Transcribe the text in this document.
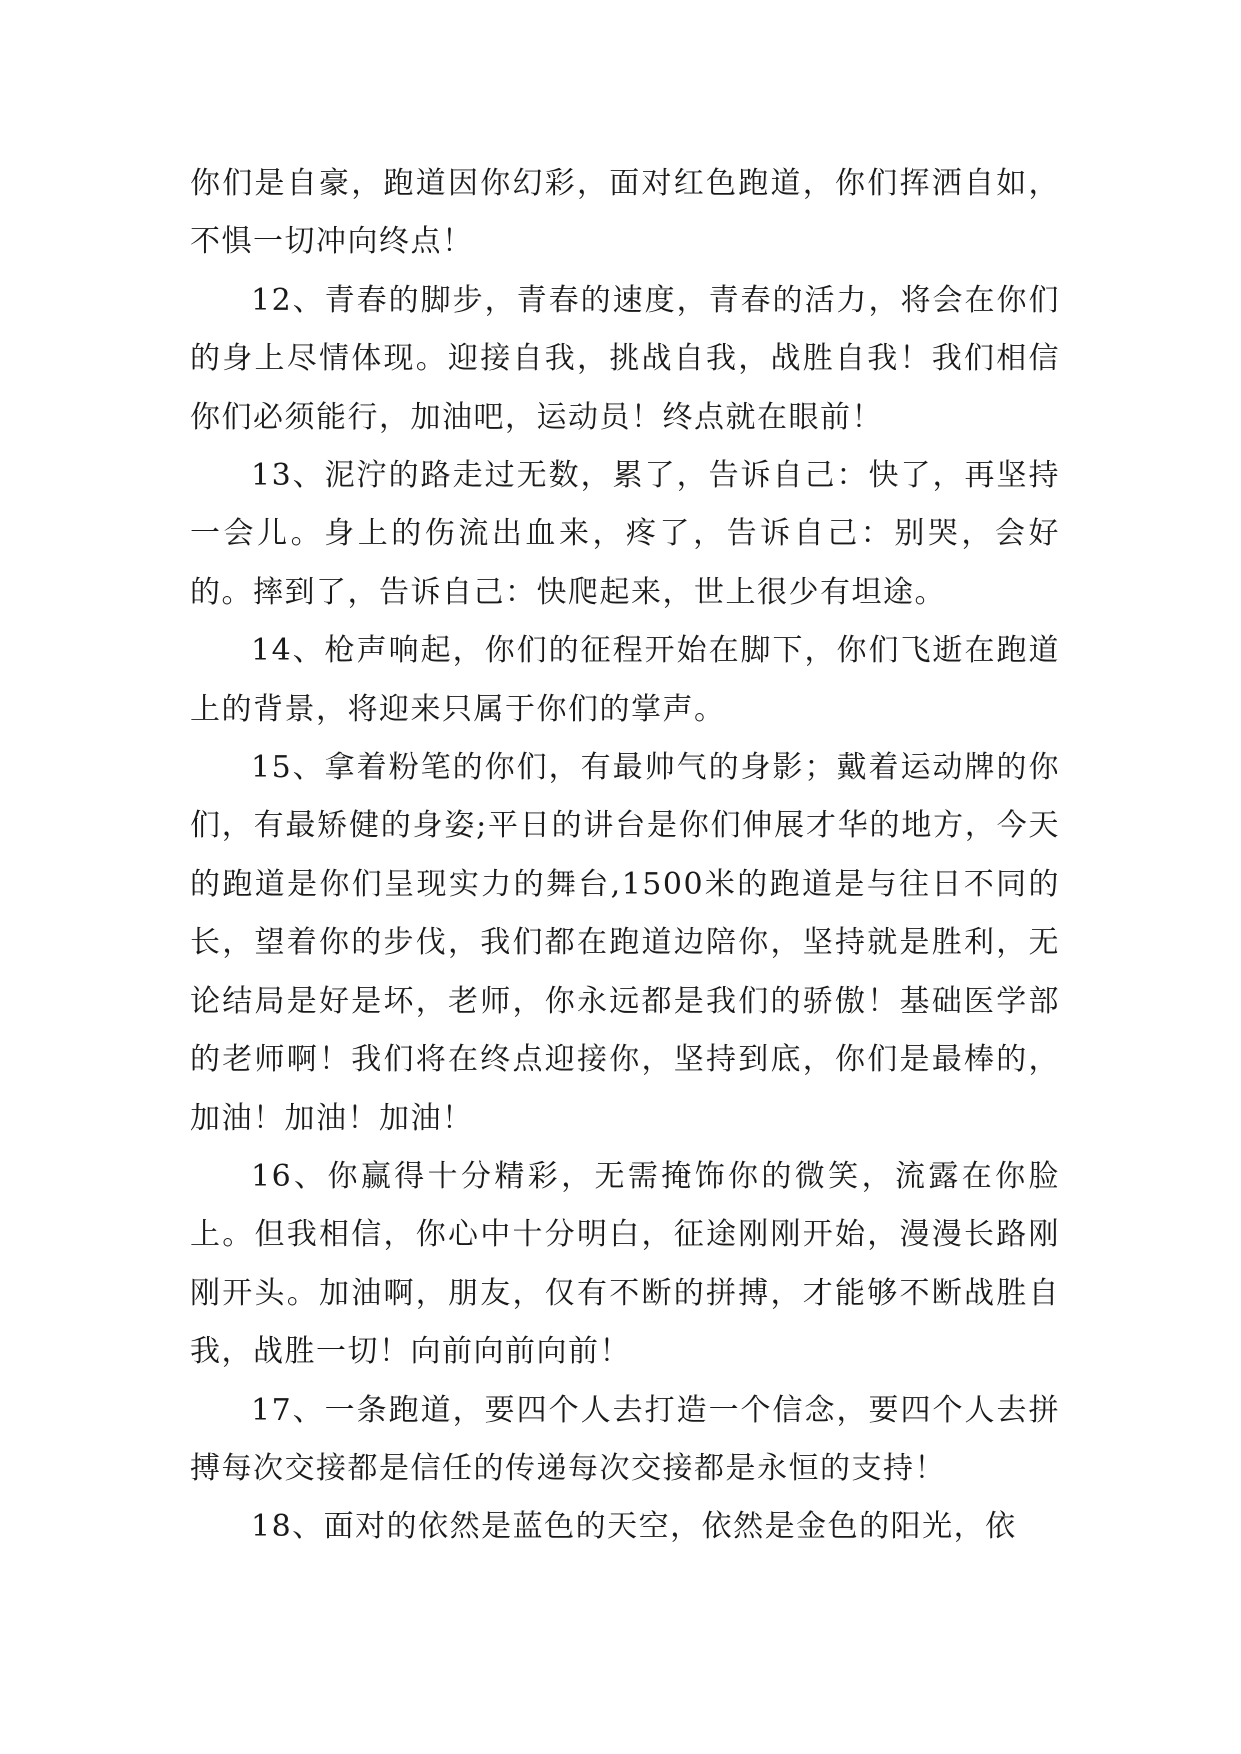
你们是自豪，跑道因你幻彩，面对红色跑道，你们挥洒自如，不惧一切冲向终点！

12、青春的脚步，青春的速度，青春的活力，将会在你们的身上尽情体现。迎接自我，挑战自我，战胜自我！我们相信你们必须能行，加油吧，运动员！终点就在眼前！

13、泥泞的路走过无数，累了，告诉自己：快了，再坚持一会儿。身上的伤流出血来，疼了，告诉自己：别哭，会好的。摔到了，告诉自己：快爬起来，世上很少有坦途。

14、枪声响起，你们的征程开始在脚下，你们飞逝在跑道上的背景，将迎来只属于你们的掌声。

15、拿着粉笔的你们，有最帅气的身影；戴着运动牌的你们，有最矫健的身姿;平日的讲台是你们伸展才华的地方，今天的跑道是你们呈现实力的舞台,1500米的跑道是与往日不同的长，望着你的步伐，我们都在跑道边陪你，坚持就是胜利，无论结局是好是坏，老师，你永远都是我们的骄傲！基础医学部的老师啊！我们将在终点迎接你，坚持到底，你们是最棒的，加油！加油！加油！

16、你赢得十分精彩，无需掩饰你的微笑，流露在你脸上。但我相信，你心中十分明白，征途刚刚开始，漫漫长路刚刚开头。加油啊，朋友，仅有不断的拼搏，才能够不断战胜自我，战胜一切！向前向前向前！

17、一条跑道，要四个人去打造一个信念，要四个人去拼搏每次交接都是信任的传递每次交接都是永恒的支持！

18、面对的依然是蓝色的天空，依然是金色的阳光，依
